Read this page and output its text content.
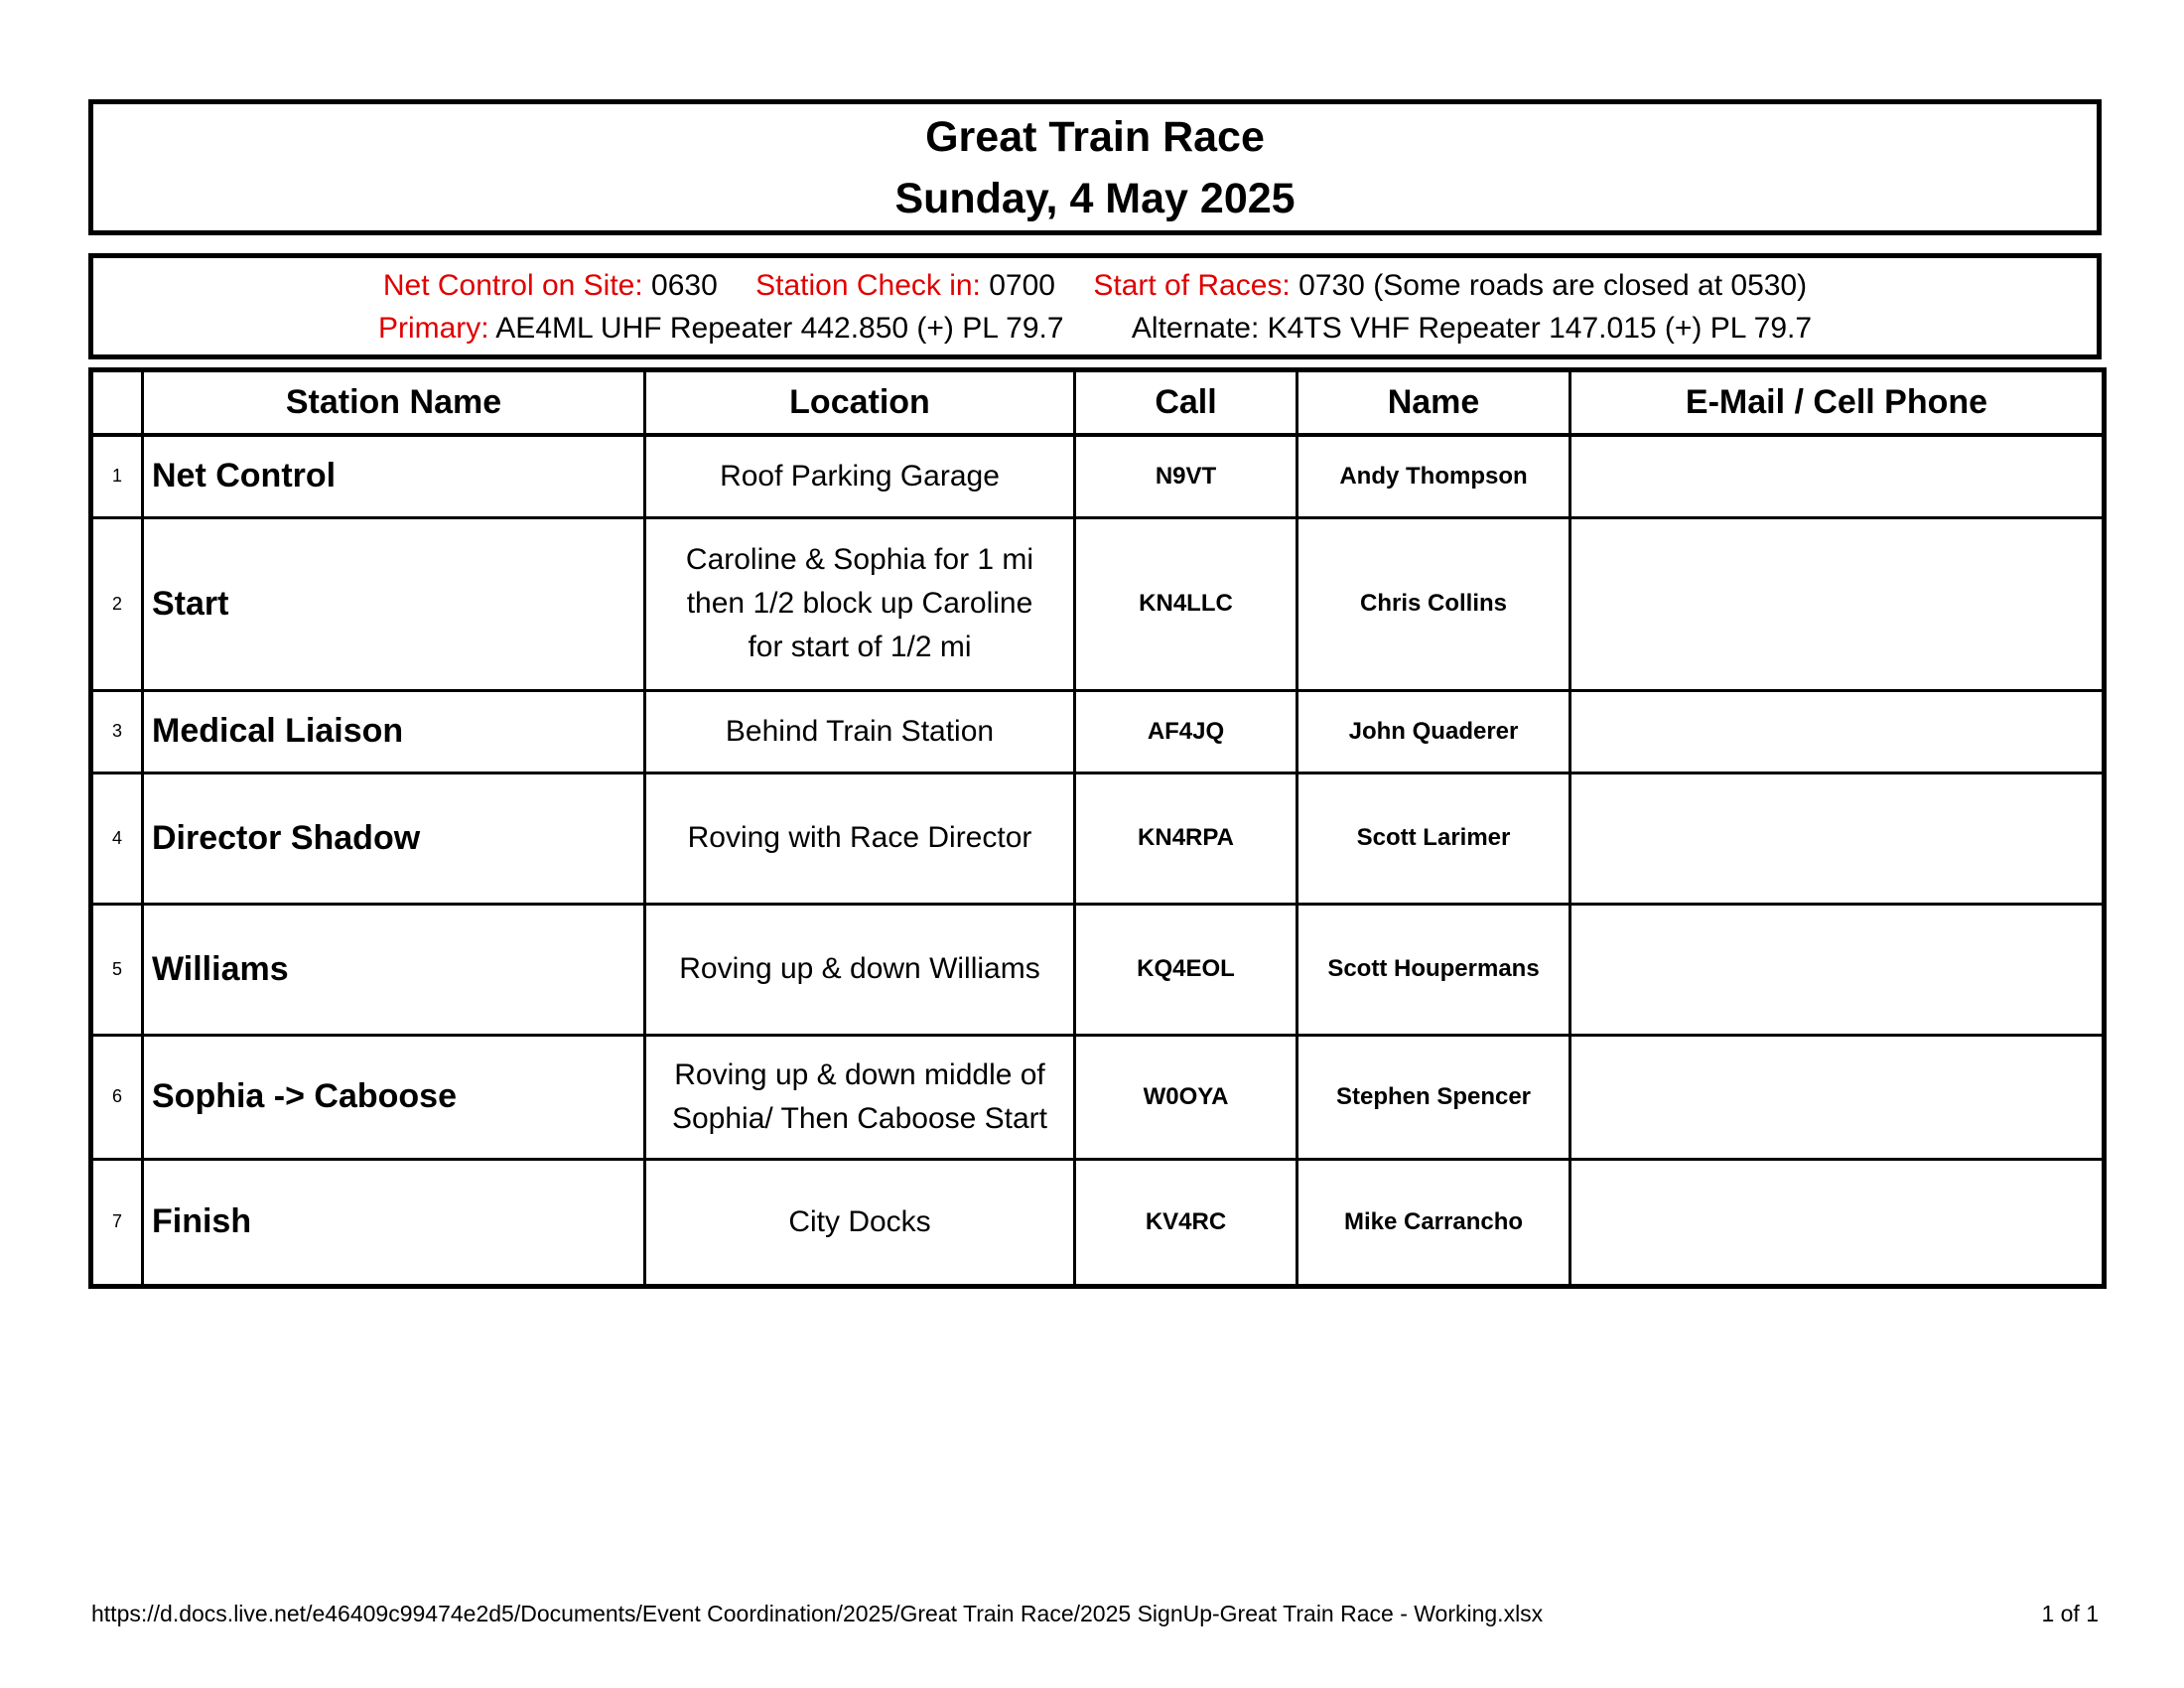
Great Train Race
Sunday, 4 May 2025
Net Control on Site: 0630 Station Check in: 0700 Start of Races: 0730 (Some roads are closed at 0530)
Primary: AE4ML UHF Repeater 442.850 (+) PL 79.7 Alternate: K4TS VHF Repeater 147.015 (+) PL 79.7
	Station Name	Location	Call	Name	E-Mail / Cell Phone
1	Net Control	Roof Parking Garage	N9VT	Andy Thompson	
2	Start	Caroline & Sophia for 1 mi then 1/2 block up Caroline for start of 1/2 mi	KN4LLC	Chris Collins	
3	Medical Liaison	Behind Train Station	AF4JQ	John Quaderer	
4	Director Shadow	Roving with Race Director	KN4RPA	Scott Larimer	
5	Williams	Roving up & down Williams	KQ4EOL	Scott Houpermans	
6	Sophia -> Caboose	Roving up & down middle of Sophia/ Then Caboose Start	W0OYA	Stephen Spencer	
7	Finish	City Docks	KV4RC	Mike Carrancho	
https://d.docs.live.net/e46409c99474e2d5/Documents/Event Coordination/2025/Great Train Race/2025 SignUp-Great Train Race - Working.xlsx	1 of 1
